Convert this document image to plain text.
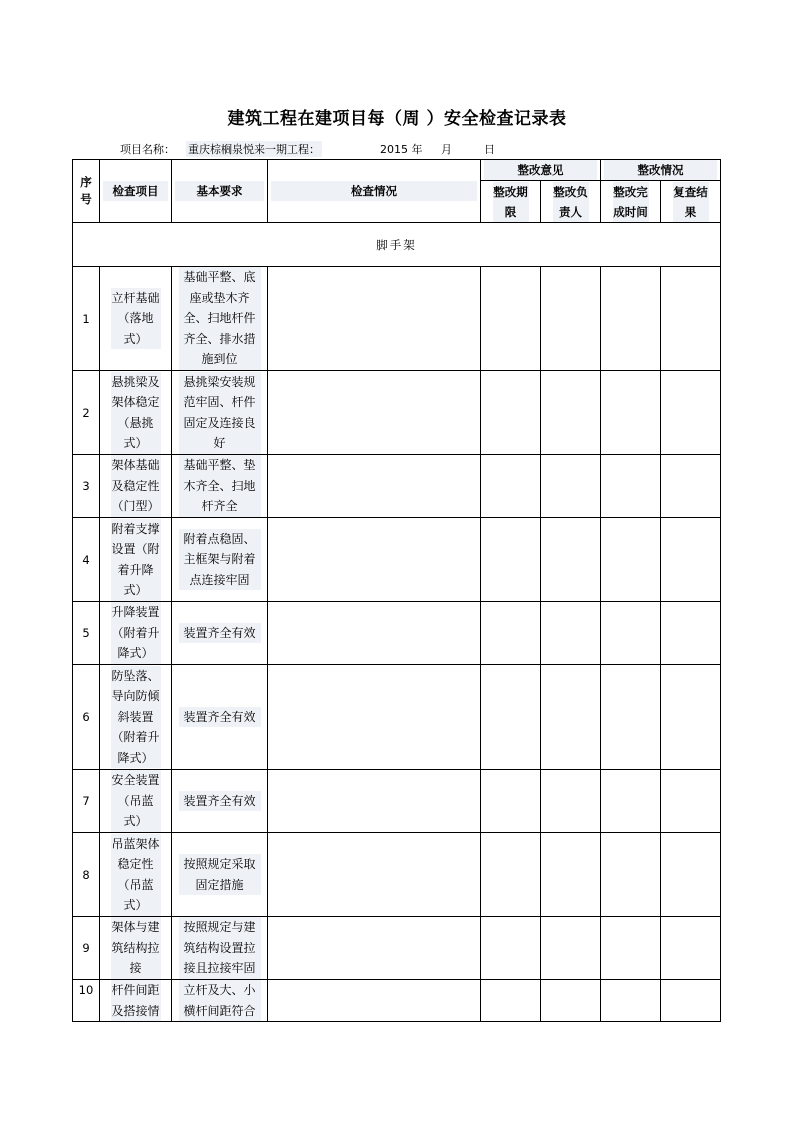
建筑工程在建项目每（周 ）安全检查记录表
项目名称： 重庆棕榈泉悦来一期工程：	2015 年 月	日
序号	检查项目	基本要求	检查情况	整改意见		整改情况	

				整改期限	整改负责人	整改完成时间	复查结果

脚手架							
1	立杆基础（落地式）	基础平整、底座或垫木齐全、扫地杆件齐全、排水措施到位					
2	悬挑梁及架体稳定（悬挑式）	悬挑梁安装规范牢固、杆件固定及连接良好					
3	架体基础及稳定性（门型）	基础平整、垫木齐全、扫地杆齐全					
4	附着支撑设置（附着升降式）	附着点稳固、主框架与附着点连接牢固					
5	升降装置（附着升降式）	装置齐全有效					
6	防坠落、导向防倾斜装置（附着升降式）	装置齐全有效					
7	安全装置（吊蓝式）	装置齐全有效					
8	吊蓝架体稳定性（吊蓝式）	按照规定采取固定措施					
9	架体与建筑结构拉接	按照规定与建筑结构设置拉接且拉接牢固					
10	杆件间距及搭接情	立杆及大、小横杆间距符合					
